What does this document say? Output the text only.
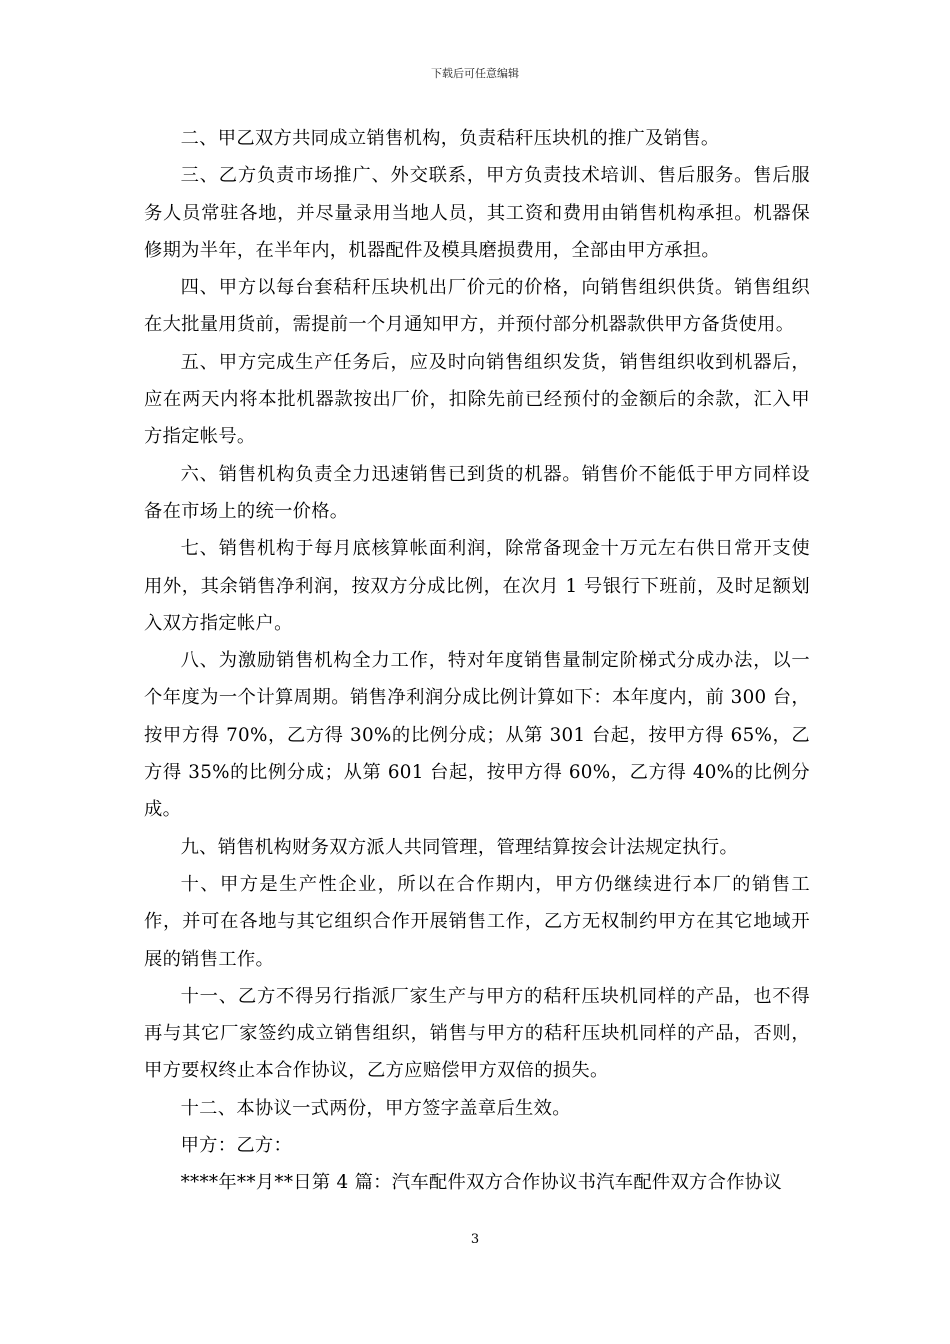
下载后可任意编辑

二、甲乙双方共同成立销售机构，负责秸秆压块机的推广及销售。

三、乙方负责市场推广、外交联系，甲方负责技术培训、售后服务。售后服务人员常驻各地，并尽量录用当地人员，其工资和费用由销售机构承担。机器保修期为半年，在半年内，机器配件及模具磨损费用，全部由甲方承担。

四、甲方以每台套秸秆压块机出厂价元的价格，向销售组织供货。销售组织在大批量用货前，需提前一个月通知甲方，并预付部分机器款供甲方备货使用。

五、甲方完成生产任务后，应及时向销售组织发货，销售组织收到机器后，应在两天内将本批机器款按出厂价，扣除先前已经预付的金额后的余款，汇入甲方指定帐号。

六、销售机构负责全力迅速销售已到货的机器。销售价不能低于甲方同样设备在市场上的统一价格。

七、销售机构于每月底核算帐面利润，除常备现金十万元左右供日常开支使用外，其余销售净利润，按双方分成比例，在次月 1 号银行下班前，及时足额划入双方指定帐户。

八、为激励销售机构全力工作，特对年度销售量制定阶梯式分成办法，以一个年度为一个计算周期。销售净利润分成比例计算如下：本年度内，前 300 台，按甲方得 70%，乙方得 30%的比例分成；从第 301 台起，按甲方得 65%，乙方得 35%的比例分成；从第 601 台起，按甲方得 60%，乙方得 40%的比例分成。

九、销售机构财务双方派人共同管理，管理结算按会计法规定执行。

十、甲方是生产性企业，所以在合作期内，甲方仍继续进行本厂的销售工作，并可在各地与其它组织合作开展销售工作，乙方无权制约甲方在其它地域开展的销售工作。

十一、乙方不得另行指派厂家生产与甲方的秸秆压块机同样的产品，也不得再与其它厂家签约成立销售组织，销售与甲方的秸秆压块机同样的产品，否则，甲方要权终止本合作协议，乙方应赔偿甲方双倍的损失。

十二、本协议一式两份，甲方签字盖章后生效。

甲方：乙方：

****年**月**日第 4 篇：汽车配件双方合作协议书汽车配件双方合作协议

3
